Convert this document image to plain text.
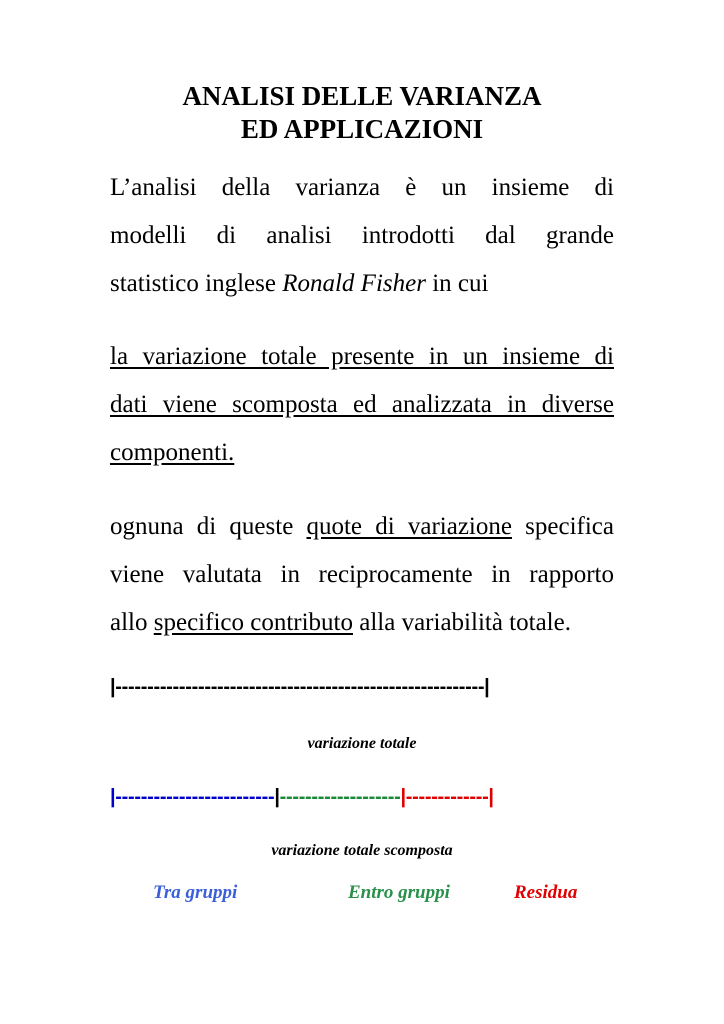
ANALISI DELLE VARIANZA
ED APPLICAZIONI
L’analisi della varianza è un insieme di
modelli di analisi introdotti dal grande
statistico inglese Ronald Fisher in cui
la variazione totale presente in un insieme di
dati viene scomposta ed analizzata in diverse
componenti.
ognuna di queste quote di variazione specifica
viene valutata in reciprocamente in rapporto
allo specifico contributo alla variabilità totale.
|----------------------------------------------------------|
variazione totale
|-------------------------|-------------------|-------------|
variazione totale scomposta
Tra gruppi	Entro gruppi	Residua
